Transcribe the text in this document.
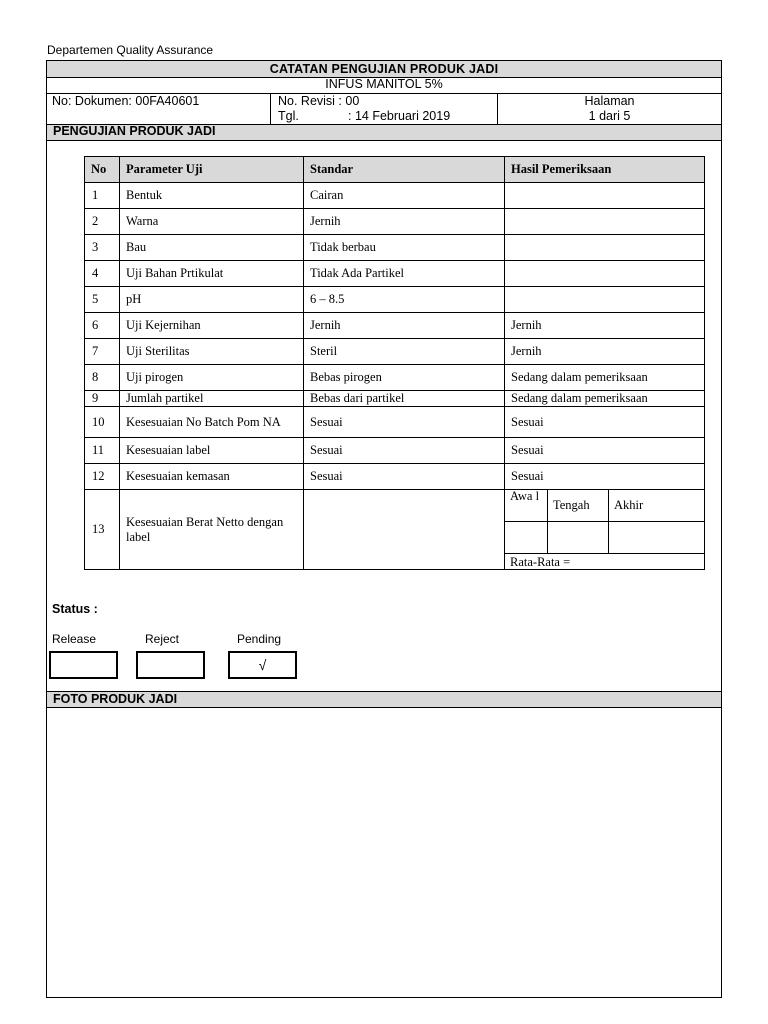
Departemen Quality Assurance
CATATAN PENGUJIAN PRODUK JADI
INFUS MANITOL 5%
No: Dokumen: 00FA40601	No. Revisi : 00
Tgl.	: 14 Februari 2019
Halaman
1 dari 5
PENGUJIAN PRODUK JADI
No	Parameter Uji	Standar	Hasil Pemeriksaan
1	Bentuk	Cairan	
2	Warna	Jernih	
3	Bau	Tidak berbau	
4	Uji Bahan Prtikulat	Tidak Ada Partikel	
5	pH	6 – 8.5	
6	Uji Kejernihan	Jernih	Jernih
7	Uji Sterilitas	Steril	Jernih
8	Uji pirogen	Bebas pirogen	Sedang dalam pemeriksaan
9	Jumlah partikel	Bebas dari partikel	Sedang dalam pemeriksaan
10	Kesesuaian No Batch Pom NA	Sesuai	Sesuai
11	Kesesuaian label	Sesuai	Sesuai
12	Kesesuaian kemasan	Sesuai	Sesuai
13	Kesesuaian Berat Netto dengan label		
Awa l	Tengah	Akhir

Rata-Rata =
Status :
Release	Reject	Pending
√
FOTO PRODUK JADI
